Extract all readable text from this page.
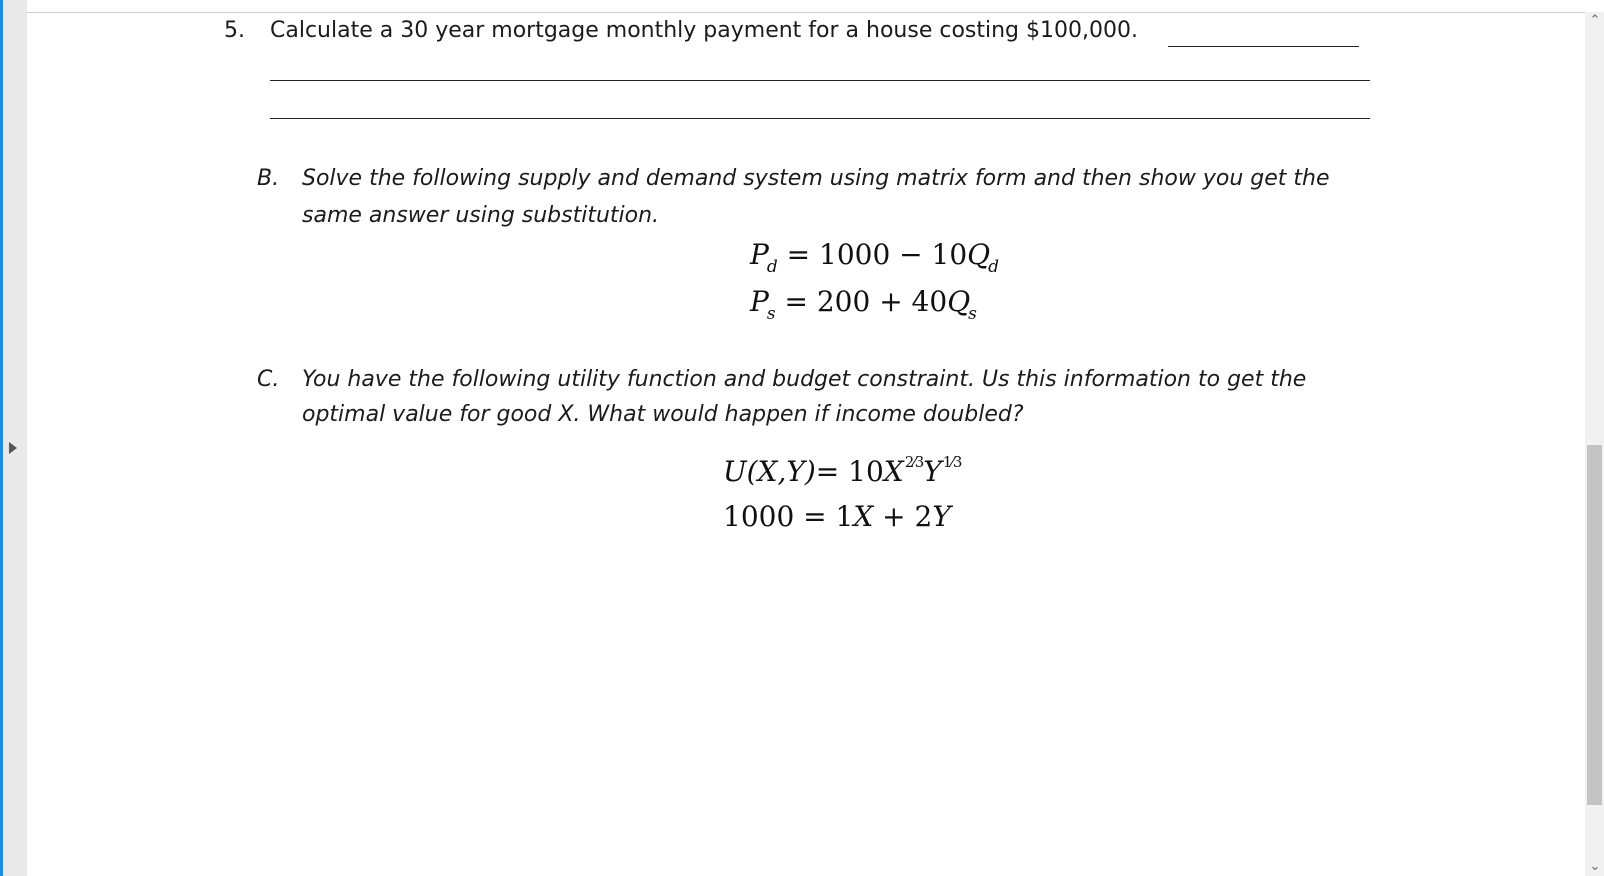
⌃
⌄
5. Calculate a 30 year mortgage monthly payment for a house costing $100,000.
B. Solve the following supply and demand system using matrix form and then show you get the
same answer using substitution.
$P_d = 1000 - 10Q_d$
$P_s = 200 + 40Q_s$
C. You have the following utility function and budget constraint. Us this information to get the
optimal value for good X. What would happen if income doubled?
$U(X,Y)= 10X^{2⁄3}Y^{1⁄3}$
1000 = 1X + 2Y
